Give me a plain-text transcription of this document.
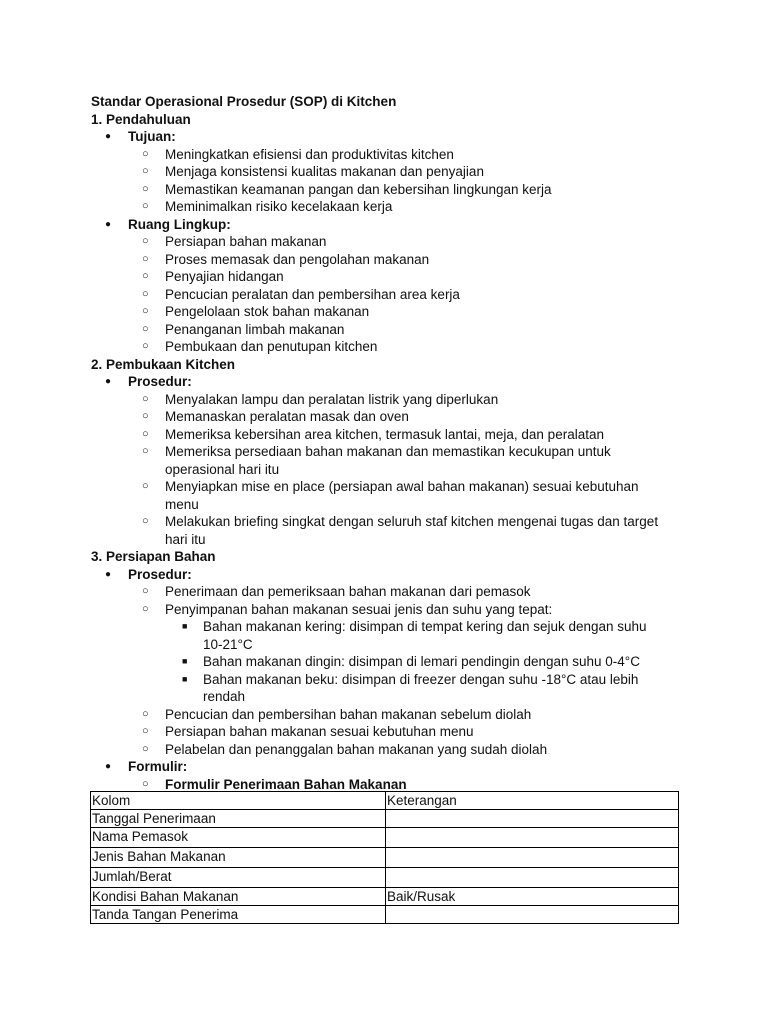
Standar Operasional Prosedur (SOP) di Kitchen
1. Pendahuluan
● Tujuan:
○ Meningkatkan efisiensi dan produktivitas kitchen
○ Menjaga konsistensi kualitas makanan dan penyajian
○ Memastikan keamanan pangan dan kebersihan lingkungan kerja
○ Meminimalkan risiko kecelakaan kerja
● Ruang Lingkup:
○ Persiapan bahan makanan
○ Proses memasak dan pengolahan makanan
○ Penyajian hidangan
○ Pencucian peralatan dan pembersihan area kerja
○ Pengelolaan stok bahan makanan
○ Penanganan limbah makanan
○ Pembukaan dan penutupan kitchen
2. Pembukaan Kitchen
● Prosedur:
○ Menyalakan lampu dan peralatan listrik yang diperlukan
○ Memanaskan peralatan masak dan oven
○ Memeriksa kebersihan area kitchen, termasuk lantai, meja, dan peralatan
○ Memeriksa persediaan bahan makanan dan memastikan kecukupan untuk
operasional hari itu
○ Menyiapkan mise en place (persiapan awal bahan makanan) sesuai kebutuhan
menu
○ Melakukan briefing singkat dengan seluruh staf kitchen mengenai tugas dan target
hari itu
3. Persiapan Bahan
● Prosedur:
○ Penerimaan dan pemeriksaan bahan makanan dari pemasok
○ Penyimpanan bahan makanan sesuai jenis dan suhu yang tepat:
■ Bahan makanan kering: disimpan di tempat kering dan sejuk dengan suhu
10-21°C
■ Bahan makanan dingin: disimpan di lemari pendingin dengan suhu 0-4°C
■ Bahan makanan beku: disimpan di freezer dengan suhu -18°C atau lebih
rendah
○ Pencucian dan pembersihan bahan makanan sebelum diolah
○ Persiapan bahan makanan sesuai kebutuhan menu
○ Pelabelan dan penanggalan bahan makanan yang sudah diolah
● Formulir:
○ Formulir Penerimaan Bahan Makanan
Kolom	Keterangan
Tanggal Penerimaan	
Nama Pemasok	
Jenis Bahan Makanan	
Jumlah/Berat	
Kondisi Bahan Makanan	Baik/Rusak
Tanda Tangan Penerima	
